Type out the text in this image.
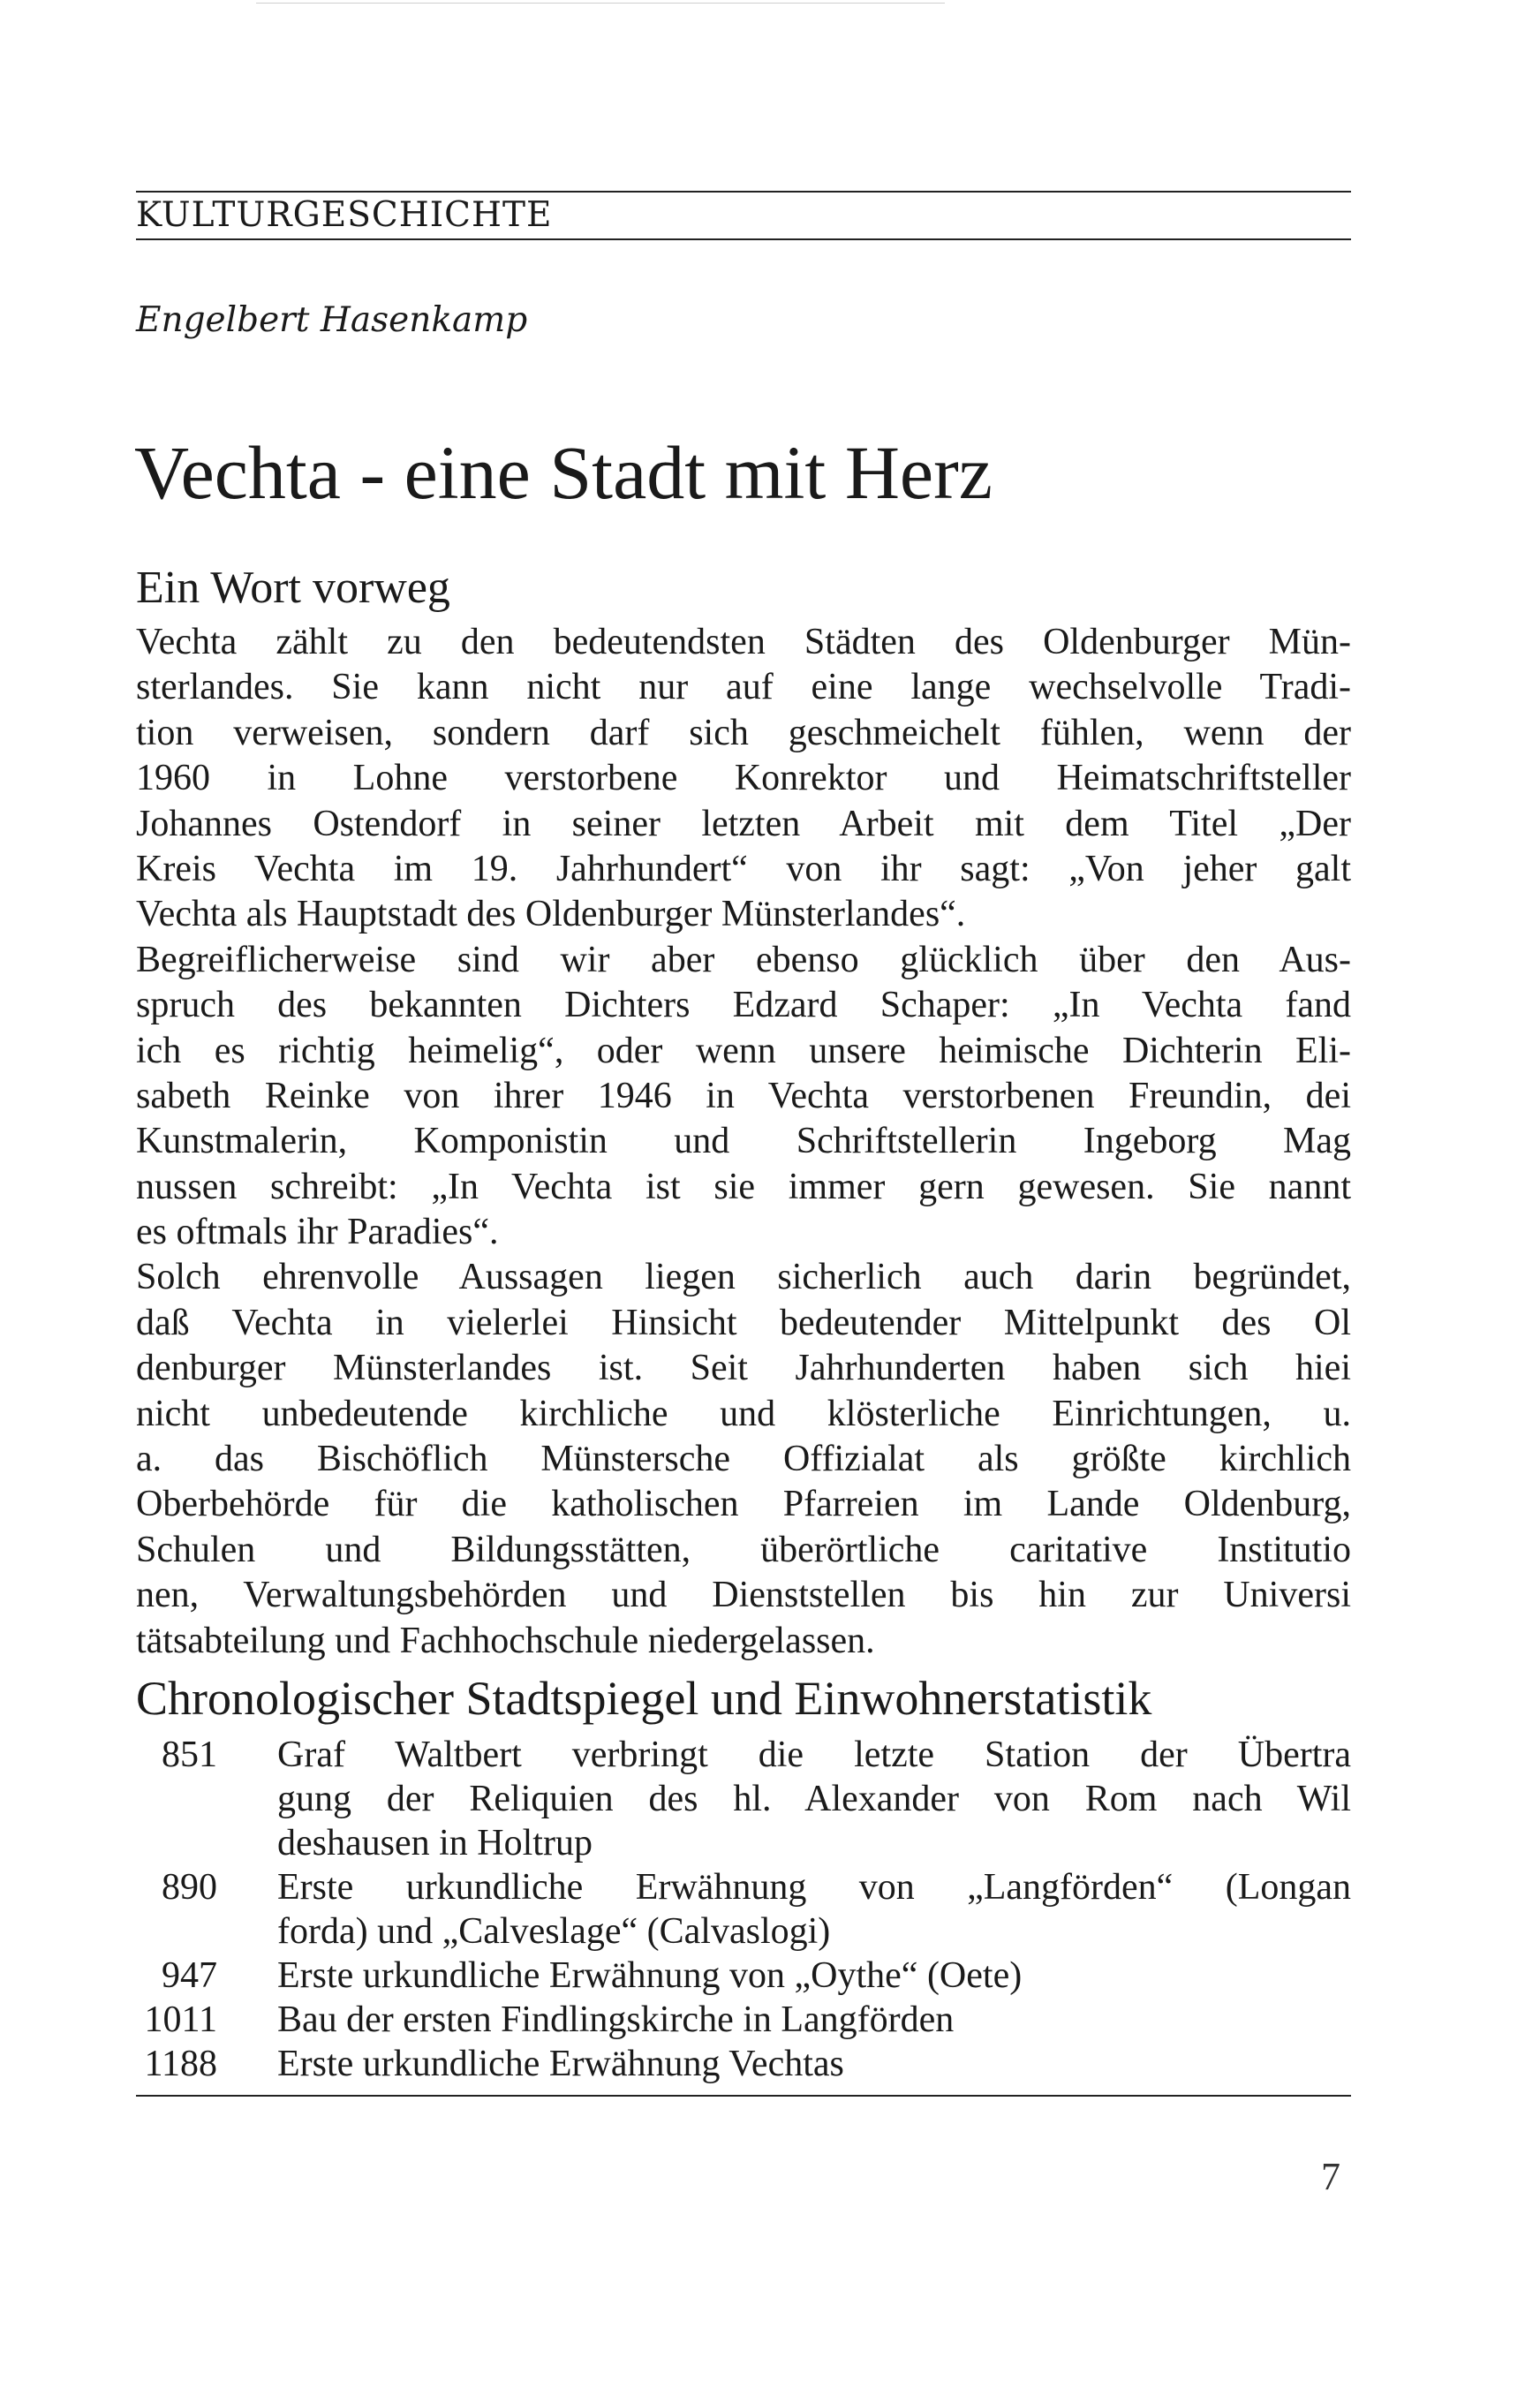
KULTURGESCHICHTE
Engelbert Hasenkamp
Vechta - eine Stadt mit Herz
Ein Wort vorweg
Vechta zählt zu den bedeutendsten Städten des Oldenburger Mün-
sterlandes. Sie kann nicht nur auf eine lange wechselvolle Tradi-
tion verweisen, sondern darf sich geschmeichelt fühlen, wenn der
1960 in Lohne verstorbene Konrektor und Heimatschriftsteller
Johannes Ostendorf in seiner letzten Arbeit mit dem Titel „Der
Kreis Vechta im 19. Jahrhundert“ von ihr sagt: „Von jeher galt
Vechta als Hauptstadt des Oldenburger Münsterlandes“.
Begreiflicherweise sind wir aber ebenso glücklich über den Aus-
spruch des bekannten Dichters Edzard Schaper: „In Vechta fand
ich es richtig heimelig“, oder wenn unsere heimische Dichterin Eli-
sabeth Reinke von ihrer 1946 in Vechta verstorbenen Freundin, dei
Kunstmalerin, Komponistin und Schriftstellerin Ingeborg Mag
nussen schreibt: „In Vechta ist sie immer gern gewesen. Sie nannt
es oftmals ihr Paradies“.
Solch ehrenvolle Aussagen liegen sicherlich auch darin begründet,
daß Vechta in vielerlei Hinsicht bedeutender Mittelpunkt des Ol
denburger Münsterlandes ist. Seit Jahrhunderten haben sich hiei
nicht unbedeutende kirchliche und klösterliche Einrichtungen, u.
a. das Bischöflich Münstersche Offizialat als größte kirchlich
Oberbehörde für die katholischen Pfarreien im Lande Oldenburg,
Schulen und Bildungsstätten, überörtliche caritative Institutio
nen, Verwaltungsbehörden und Dienststellen bis hin zur Universi
tätsabteilung und Fachhochschule niedergelassen.
Chronologischer Stadtspiegel und Einwohnerstatistik
851 Graf Waltbert verbringt die letzte Station der Übertra
gung der Reliquien des hl. Alexander von Rom nach Wil
deshausen in Holtrup
890 Erste urkundliche Erwähnung von „Langförden“ (Longan
forda) und „Calveslage“ (Calvaslogi)
947 Erste urkundliche Erwähnung von „Oythe“ (Oete)
1011 Bau der ersten Findlingskirche in Langförden
1188 Erste urkundliche Erwähnung Vechtas
7
